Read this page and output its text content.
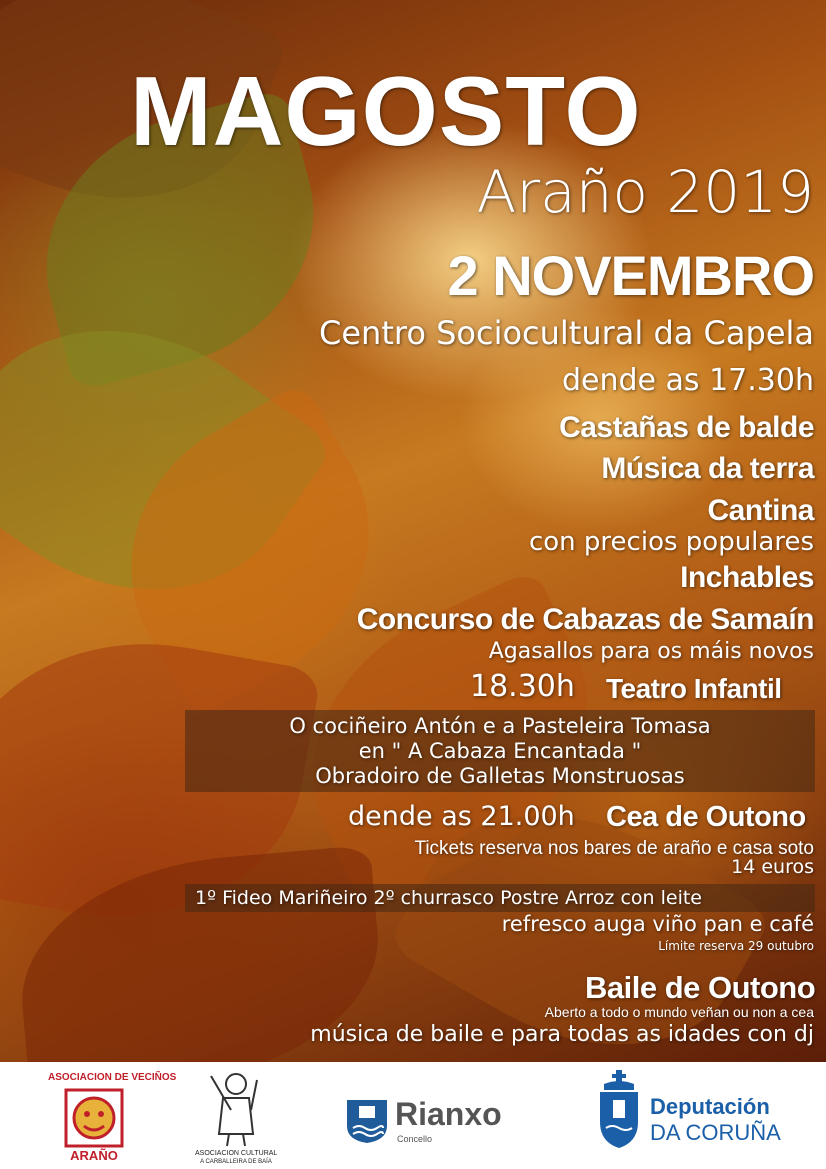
MAGOSTO
Araño 2019
2 NOVEMBRO
Centro Sociocultural da Capela
dende as 17.30h
Castañas de balde
Música da terra
Cantina
con precios populares
Inchables
Concurso de Cabazas de Samaín
Agasallos para os máis novos
18.30h Teatro Infantil
O cociñeiro Antón e a Pasteleira Tomasa
en " A Cabaza Encantada "
Obradoiro de Galletas Monstruosas
dende as 21.00h Cea de Outono
Tickets reserva nos bares de araño e casa soto
14 euros
1º Fideo Mariñeiro 2º churrasco Postre Arroz con leite
refresco auga viño pan e café
Límite reserva 29 outubro
Baile de Outono
Aberto a todo o mundo veñan ou non a cea
música de baile e para todas as idades con dj
ASOCIACION DE VECIÑOS
ARAÑO	ASOCIACION CULTURAL
A CARBALLEIRA DE BAÍA
Rianxo
Concello
Deputación
DA CORUÑA
